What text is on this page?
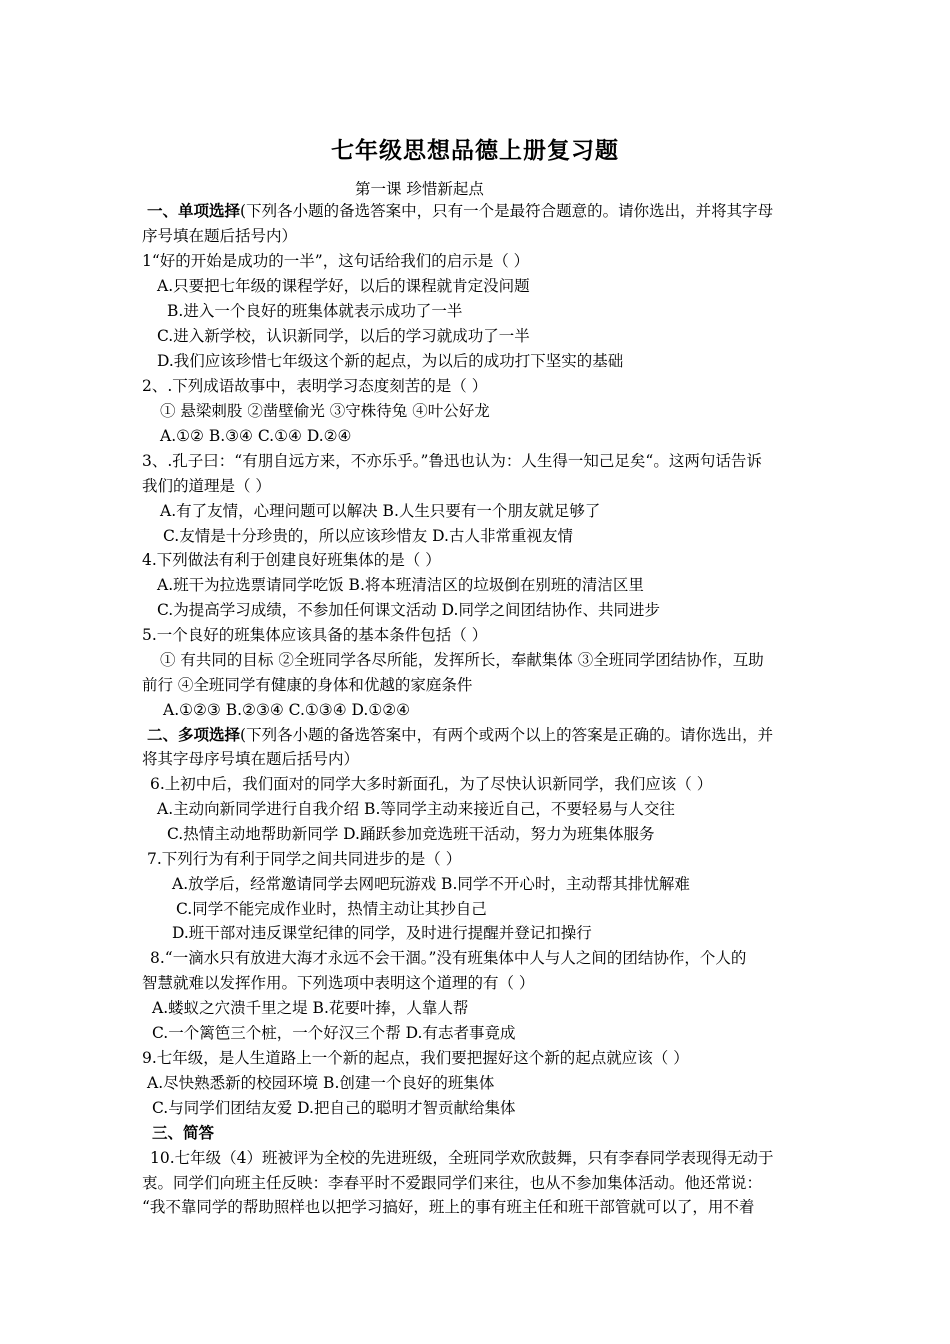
七年级思想品德上册复习题
第一课 珍惜新起点
一、单项选择(下列各小题的备选答案中，只有一个是最符合题意的。请你选出，并将其字母
序号填在题后括号内）
1“好的开始是成功的一半”，这句话给我们的启示是（ ）
A.只要把七年级的课程学好，以后的课程就肯定没问题
B.进入一个良好的班集体就表示成功了一半
C.进入新学校，认识新同学，以后的学习就成功了一半
D.我们应该珍惜七年级这个新的起点，为以后的成功打下坚实的基础
2、.下列成语故事中，表明学习态度刻苦的是（ ）
① 悬梁刺股 ②凿壁偷光 ③守株待兔 ④叶公好龙
A.①② B.③④ C.①④ D.②④
3、.孔子曰：“有朋自远方来，不亦乐乎。”鲁迅也认为：人生得一知己足矣“。这两句话告诉
我们的道理是（ ）
A.有了友情，心理问题可以解决 B.人生只要有一个朋友就足够了
C.友情是十分珍贵的，所以应该珍惜友 D.古人非常重视友情
4.下列做法有利于创建良好班集体的是（ ）
A.班干为拉选票请同学吃饭 B.将本班清洁区的垃圾倒在别班的清洁区里
C.为提高学习成绩，不参加任何课文活动 D.同学之间团结协作、共同进步
5.一个良好的班集体应该具备的基本条件包括（ ）
① 有共同的目标 ②全班同学各尽所能，发挥所长，奉献集体 ③全班同学团结协作，互助
前行 ④全班同学有健康的身体和优越的家庭条件
A.①②③ B.②③④ C.①③④ D.①②④
二、多项选择(下列各小题的备选答案中，有两个或两个以上的答案是正确的。请你选出，并
将其字母序号填在题后括号内）
6.上初中后，我们面对的同学大多时新面孔，为了尽快认识新同学，我们应该（ ）
A.主动向新同学进行自我介绍 B.等同学主动来接近自己，不要轻易与人交往
C.热情主动地帮助新同学 D.踊跃参加竞选班干活动，努力为班集体服务
7.下列行为有利于同学之间共同进步的是（ ）
A.放学后，经常邀请同学去网吧玩游戏 B.同学不开心时，主动帮其排忧解难
C.同学不能完成作业时，热情主动让其抄自己
D.班干部对违反课堂纪律的同学，及时进行提醒并登记扣操行
8.“一滴水只有放进大海才永远不会干涸。”没有班集体中人与人之间的团结协作，个人的
智慧就难以发挥作用。下列选项中表明这个道理的有（ ）
A.蝼蚁之穴溃千里之堤 B.花要叶捧，人靠人帮
C.一个篱笆三个桩，一个好汉三个帮 D.有志者事竟成
9.七年级，是人生道路上一个新的起点，我们要把握好这个新的起点就应该（ ）
A.尽快熟悉新的校园环境 B.创建一个良好的班集体
C.与同学们团结友爱 D.把自己的聪明才智贡献给集体
三、简答
10.七年级（4）班被评为全校的先进班级，全班同学欢欣鼓舞，只有李春同学表现得无动于
衷。同学们向班主任反映：李春平时不爱跟同学们来往，也从不参加集体活动。他还常说：
“我不靠同学的帮助照样也以把学习搞好，班上的事有班主任和班干部管就可以了，用不着
